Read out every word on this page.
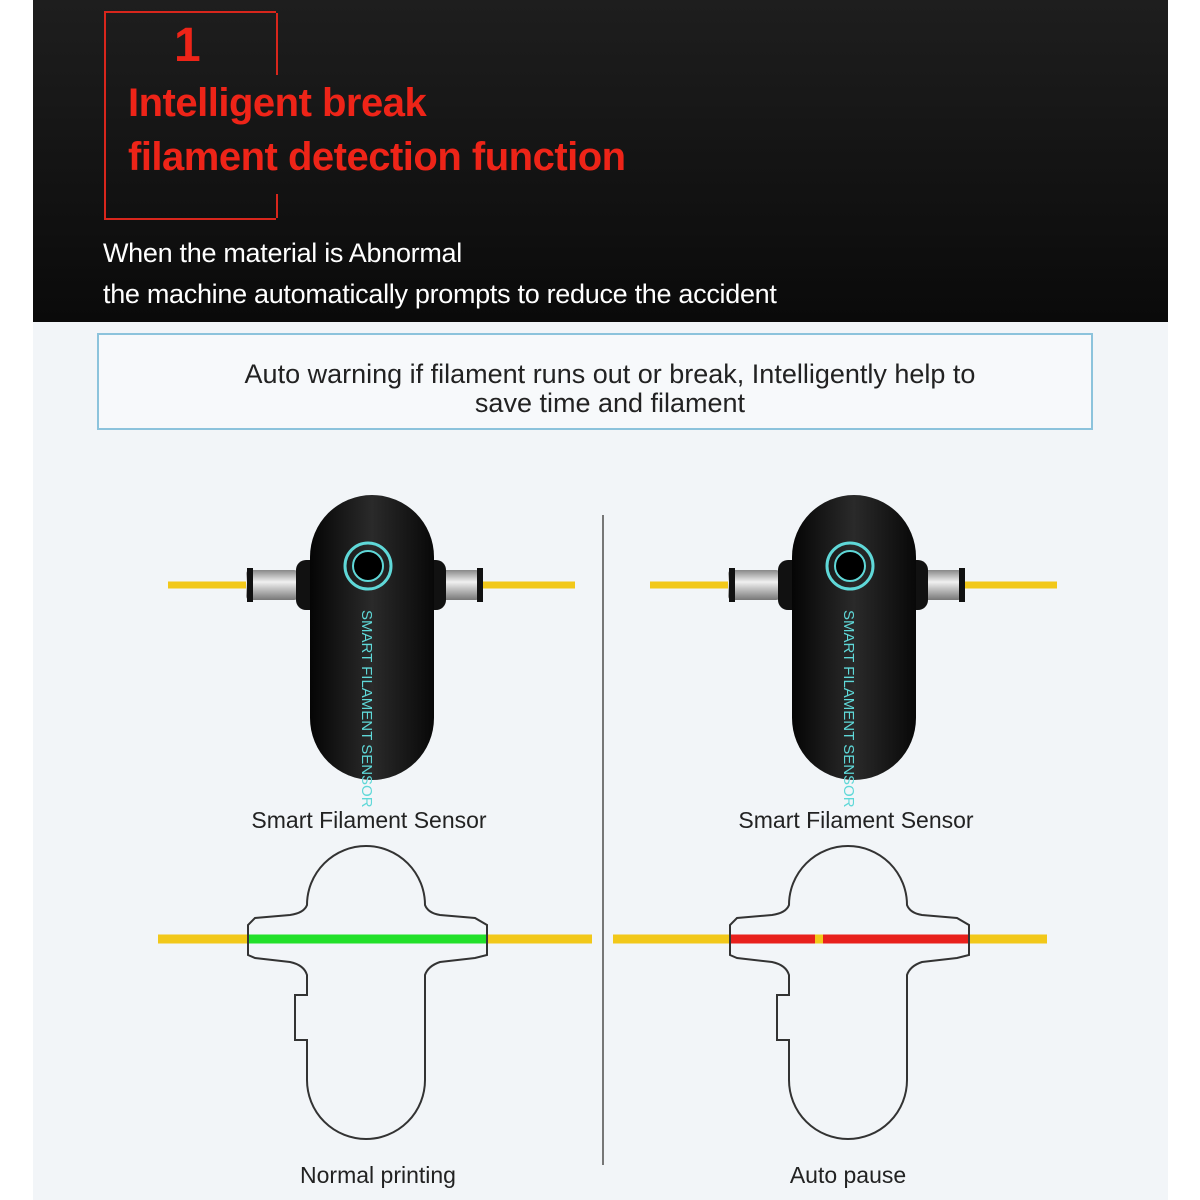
1
Intelligent break
filament detection function
When the material is Abnormal
the machine automatically prompts to reduce the accident
Auto warning if filament runs out or break, Intelligently help to
save time and filament
SMART FILAMENT SENSOR	SMART FILAMENT SENSOR
Smart Filament Sensor	Smart Filament Sensor
Normal printing	Auto pause
